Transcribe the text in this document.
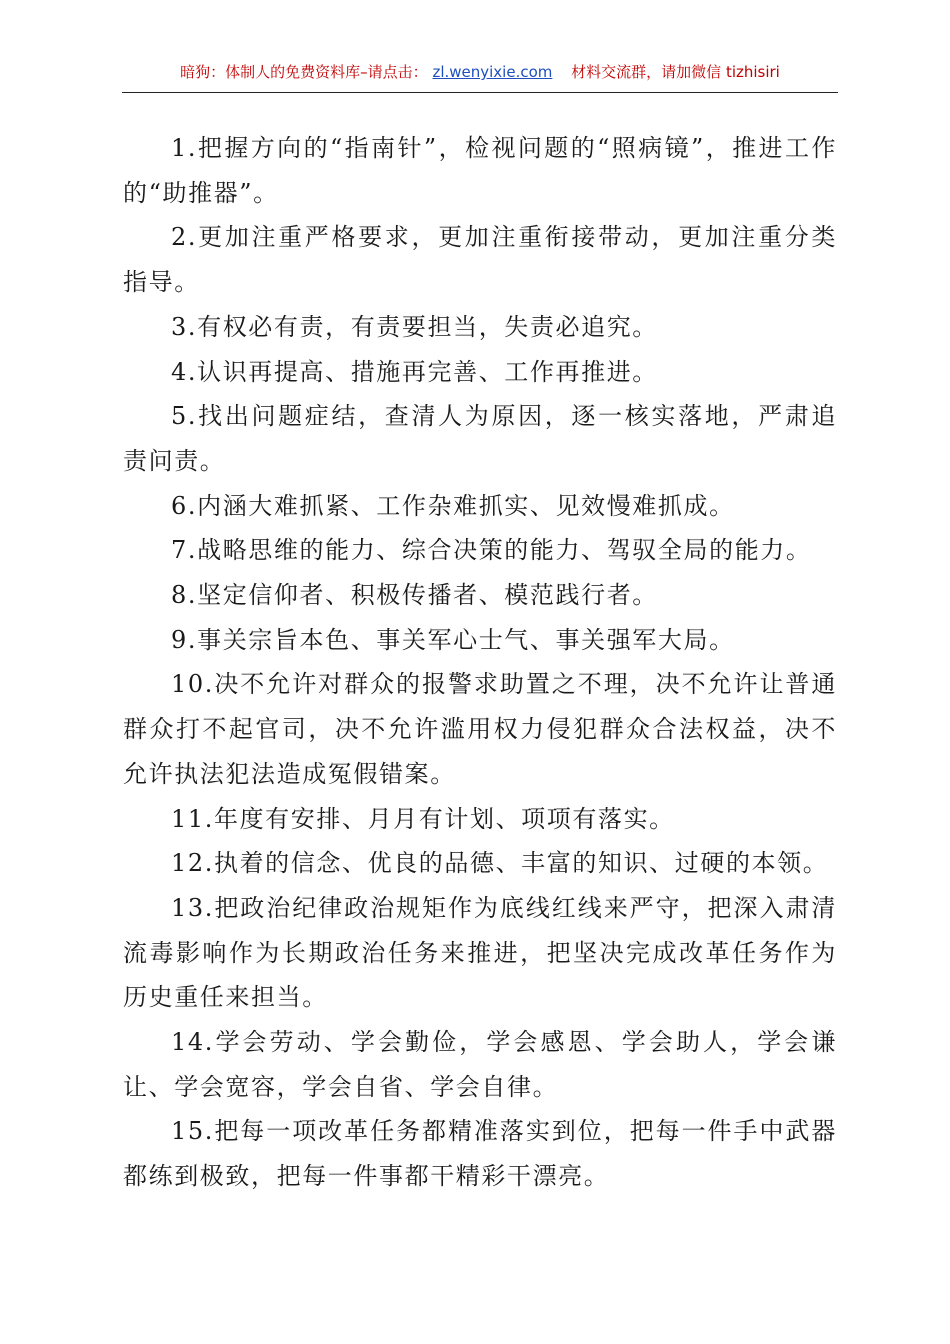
暗狗：体制人的免费资料库–请点击： zl.wenyixie.com 材料交流群，请加微信 tizhisiri

1.把握方向的“指南针”，检视问题的“照病镜”，推进工作的“助推器”。

2.更加注重严格要求，更加注重衔接带动，更加注重分类指导。

3.有权必有责，有责要担当，失责必追究。

4.认识再提高、措施再完善、工作再推进。

5.找出问题症结，查清人为原因，逐一核实落地，严肃追责问责。

6.内涵大难抓紧、工作杂难抓实、见效慢难抓成。

7.战略思维的能力、综合决策的能力、驾驭全局的能力。

8.坚定信仰者、积极传播者、模范践行者。

9.事关宗旨本色、事关军心士气、事关强军大局。

10.决不允许对群众的报警求助置之不理，决不允许让普通群众打不起官司，决不允许滥用权力侵犯群众合法权益，决不允许执法犯法造成冤假错案。

11.年度有安排、月月有计划、项项有落实。

12.执着的信念、优良的品德、丰富的知识、过硬的本领。

13.把政治纪律政治规矩作为底线红线来严守，把深入肃清流毒影响作为长期政治任务来推进，把坚决完成改革任务作为历史重任来担当。

14.学会劳动、学会勤俭，学会感恩、学会助人，学会谦让、学会宽容，学会自省、学会自律。

15.把每一项改革任务都精准落实到位，把每一件手中武器都练到极致，把每一件事都干精彩干漂亮。
